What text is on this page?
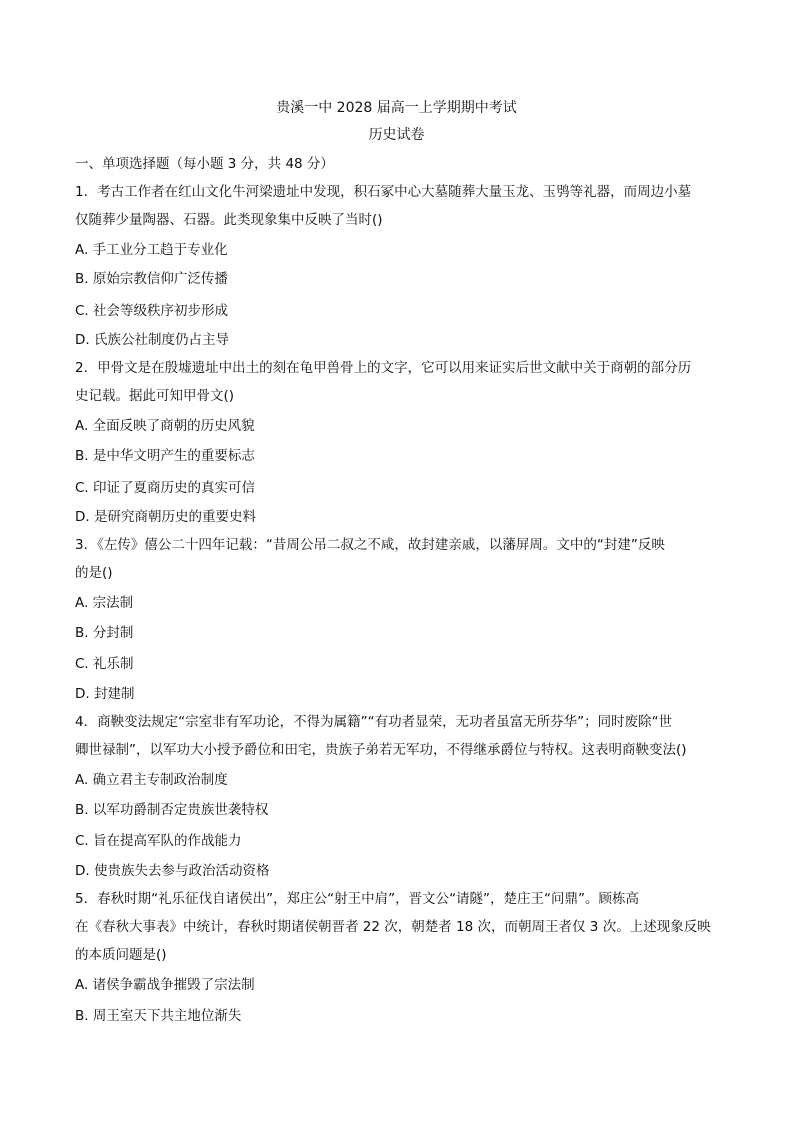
贵溪一中 2028 届高一上学期期中考试
历史试卷
一、单项选择题（每小题 3 分，共 48 分）
1．考古工作者在红山文化牛河梁遗址中发现，积石冢中心大墓随葬大量玉龙、玉鸮等礼器，而周边小墓
仅随葬少量陶器、石器。此类现象集中反映了当时()
A. 手工业分工趋于专业化
B. 原始宗教信仰广泛传播
C. 社会等级秩序初步形成
D. 氏族公社制度仍占主导
2．甲骨文是在殷墟遗址中出土的刻在龟甲兽骨上的文字，它可以用来证实后世文献中关于商朝的部分历
史记载。据此可知甲骨文()
A. 全面反映了商朝的历史风貌
B. 是中华文明产生的重要标志
C. 印证了夏商历史的真实可信
D. 是研究商朝历史的重要史料
3．《左传》僖公二十四年记载：“昔周公吊二叔之不咸，故封建亲戚，以藩屏周。文中的“封建”反映
的是()
A. 宗法制
B. 分封制
C. 礼乐制
D. 封建制
4．商鞅变法规定“宗室非有军功论，不得为属籍”“有功者显荣，无功者虽富无所芬华”；同时废除“世
卿世禄制”，以军功大小授予爵位和田宅，贵族子弟若无军功，不得继承爵位与特权。这表明商鞅变法()
A. 确立君主专制政治制度
B. 以军功爵制否定贵族世袭特权
C. 旨在提高军队的作战能力
D. 使贵族失去参与政治活动资格
5．春秋时期“礼乐征伐自诸侯出”，郑庄公“射王中肩”，晋文公“请隧”，楚庄王“问鼎”。顾栋高
在《春秋大事表》中统计，春秋时期诸侯朝晋者 22 次，朝楚者 18 次，而朝周王者仅 3 次。上述现象反映
的本质问题是()
A. 诸侯争霸战争摧毁了宗法制
B. 周王室天下共主地位渐失
